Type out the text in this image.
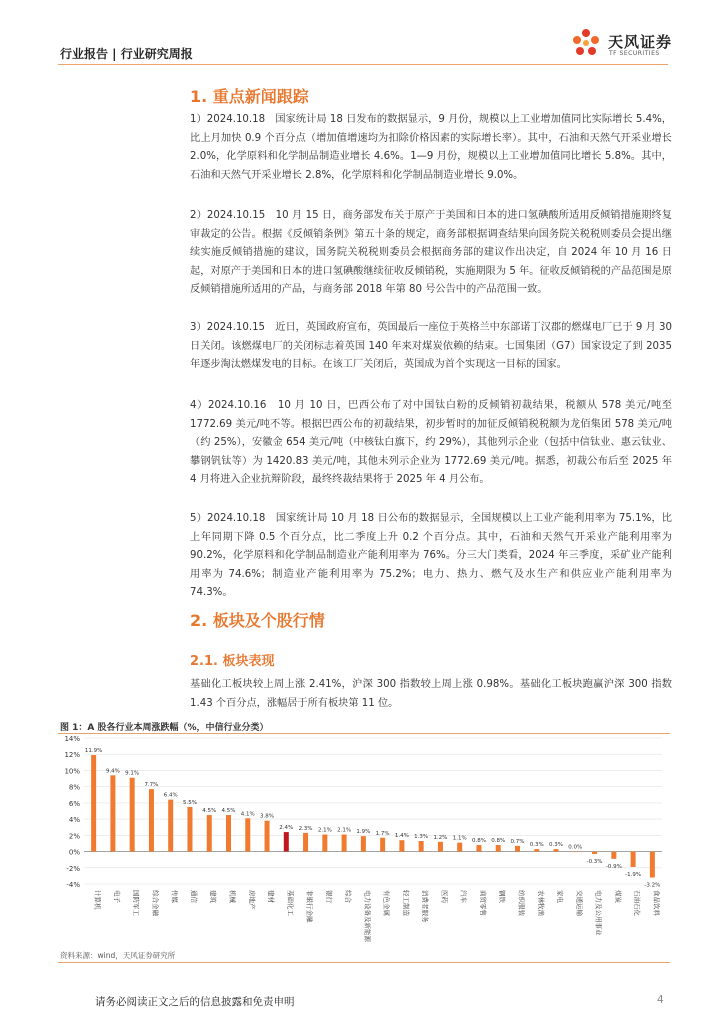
行业报告 | 行业研究周报
天风证券
TF SECURITIES
1. 重点新闻跟踪

1）2024.10.18　国家统计局 18 日发布的数据显示，9 月份，规模以上工业增加值同比实际增长 5.4%，比上月加快 0.9 个百分点（增加值增速均为扣除价格因素的实际增长率）。其中，石油和天然气开采业增长 2.0%，化学原料和化学制品制造业增长 4.6%。1—9 月份，规模以上工业增加值同比增长 5.8%。其中，石油和天然气开采业增长 2.8%，化学原料和化学制品制造业增长 9.0%。

2）2024.10.15　10 月 15 日，商务部发布关于原产于美国和日本的进口氢碘酸所适用反倾销措施期终复审裁定的公告。根据《反倾销条例》第五十条的规定，商务部根据调查结果向国务院关税税则委员会提出继续实施反倾销措施的建议，国务院关税税则委员会根据商务部的建议作出决定，自 2024 年 10 月 16 日起，对原产于美国和日本的进口氢碘酸继续征收反倾销税，实施期限为 5 年。征收反倾销税的产品范围是原反倾销措施所适用的产品，与商务部 2018 年第 80 号公告中的产品范围一致。

3）2024.10.15　近日，英国政府宣布，英国最后一座位于英格兰中东部诺丁汉郡的燃煤电厂已于 9 月 30 日关闭。该燃煤电厂的关闭标志着英国 140 年来对煤炭依赖的结束。七国集团（G7）国家设定了到 2035 年逐步淘汰燃煤发电的目标。在该工厂关闭后，英国成为首个实现这一目标的国家。

4）2024.10.16　10 月 10 日，巴西公布了对中国钛白粉的反倾销初裁结果，税额从 578 美元/吨至 1772.69 美元/吨不等。根据巴西公布的初裁结果，初步暂时的加征反倾销税税额为龙佰集团 578 美元/吨（约 25%），安徽金 654 美元/吨（中核钛白旗下，约 29%），其他列示企业（包括中信钛业、惠云钛业、攀钢钒钛等）为 1420.83 美元/吨，其他未列示企业为 1772.69 美元/吨。据悉，初裁公布后至 2025 年 4 月将进入企业抗辩阶段，最终终裁结果将于 2025 年 4 月公布。

5）2024.10.18　国家统计局 10 月 18 日公布的数据显示，全国规模以上工业产能利用率为 75.1%，比上年同期下降 0.5 个百分点，比二季度上升 0.2 个百分点。其中，石油和天然气开采业产能利用率为 90.2%，化学原料和化学制品制造业产能利用率为 76%。分三大门类看，2024 年三季度，采矿业产能利用率为 74.6%；制造业产能利用率为 75.2%；电力、热力、燃气及水生产和供应业产能利用率为 74.3%。

2. 板块及个股行情
2.1. 板块表现

基础化工板块较上周上涨 2.41%，沪深 300 指数较上周上涨 0.98%。基础化工板块跑赢沪深 300 指数 1.43 个百分点，涨幅居于所有板块第 11 位。

图 1：A 股各行业本周涨跌幅（%，中信行业分类）
14%
12%
10%
8%
6%
4%
2%
0%
-2%
-4%
11.9%
计算机
9.4%
电子
9.1%
国防军工
7.7%
综合金融
6.4%
传媒
5.5%
通信
4.5%
建筑
4.5%
机械
4.1%
房地产
3.8%
建材
2.4%
基础化工
2.3%
非银行金融
2.1%
银行
2.1%
综合
1.9%
电力设备及新能源
1.7%
有色金属
1.4%
轻工制造
1.3%
消费者服务
1.2%
医药
1.1%
汽车
0.8%
商贸零售
0.8%
钢铁
0.7%
纺织服装
0.3%
农林牧渔
0.3%
家电
0.0%
交通运输
-0.3%
电力及公用事业
-0.9%
煤炭
-1.9%
石油石化
-3.2%
食品饮料
资料来源：wind，天风证券研究所
请务必阅读正文之后的信息披露和免责申明	4
